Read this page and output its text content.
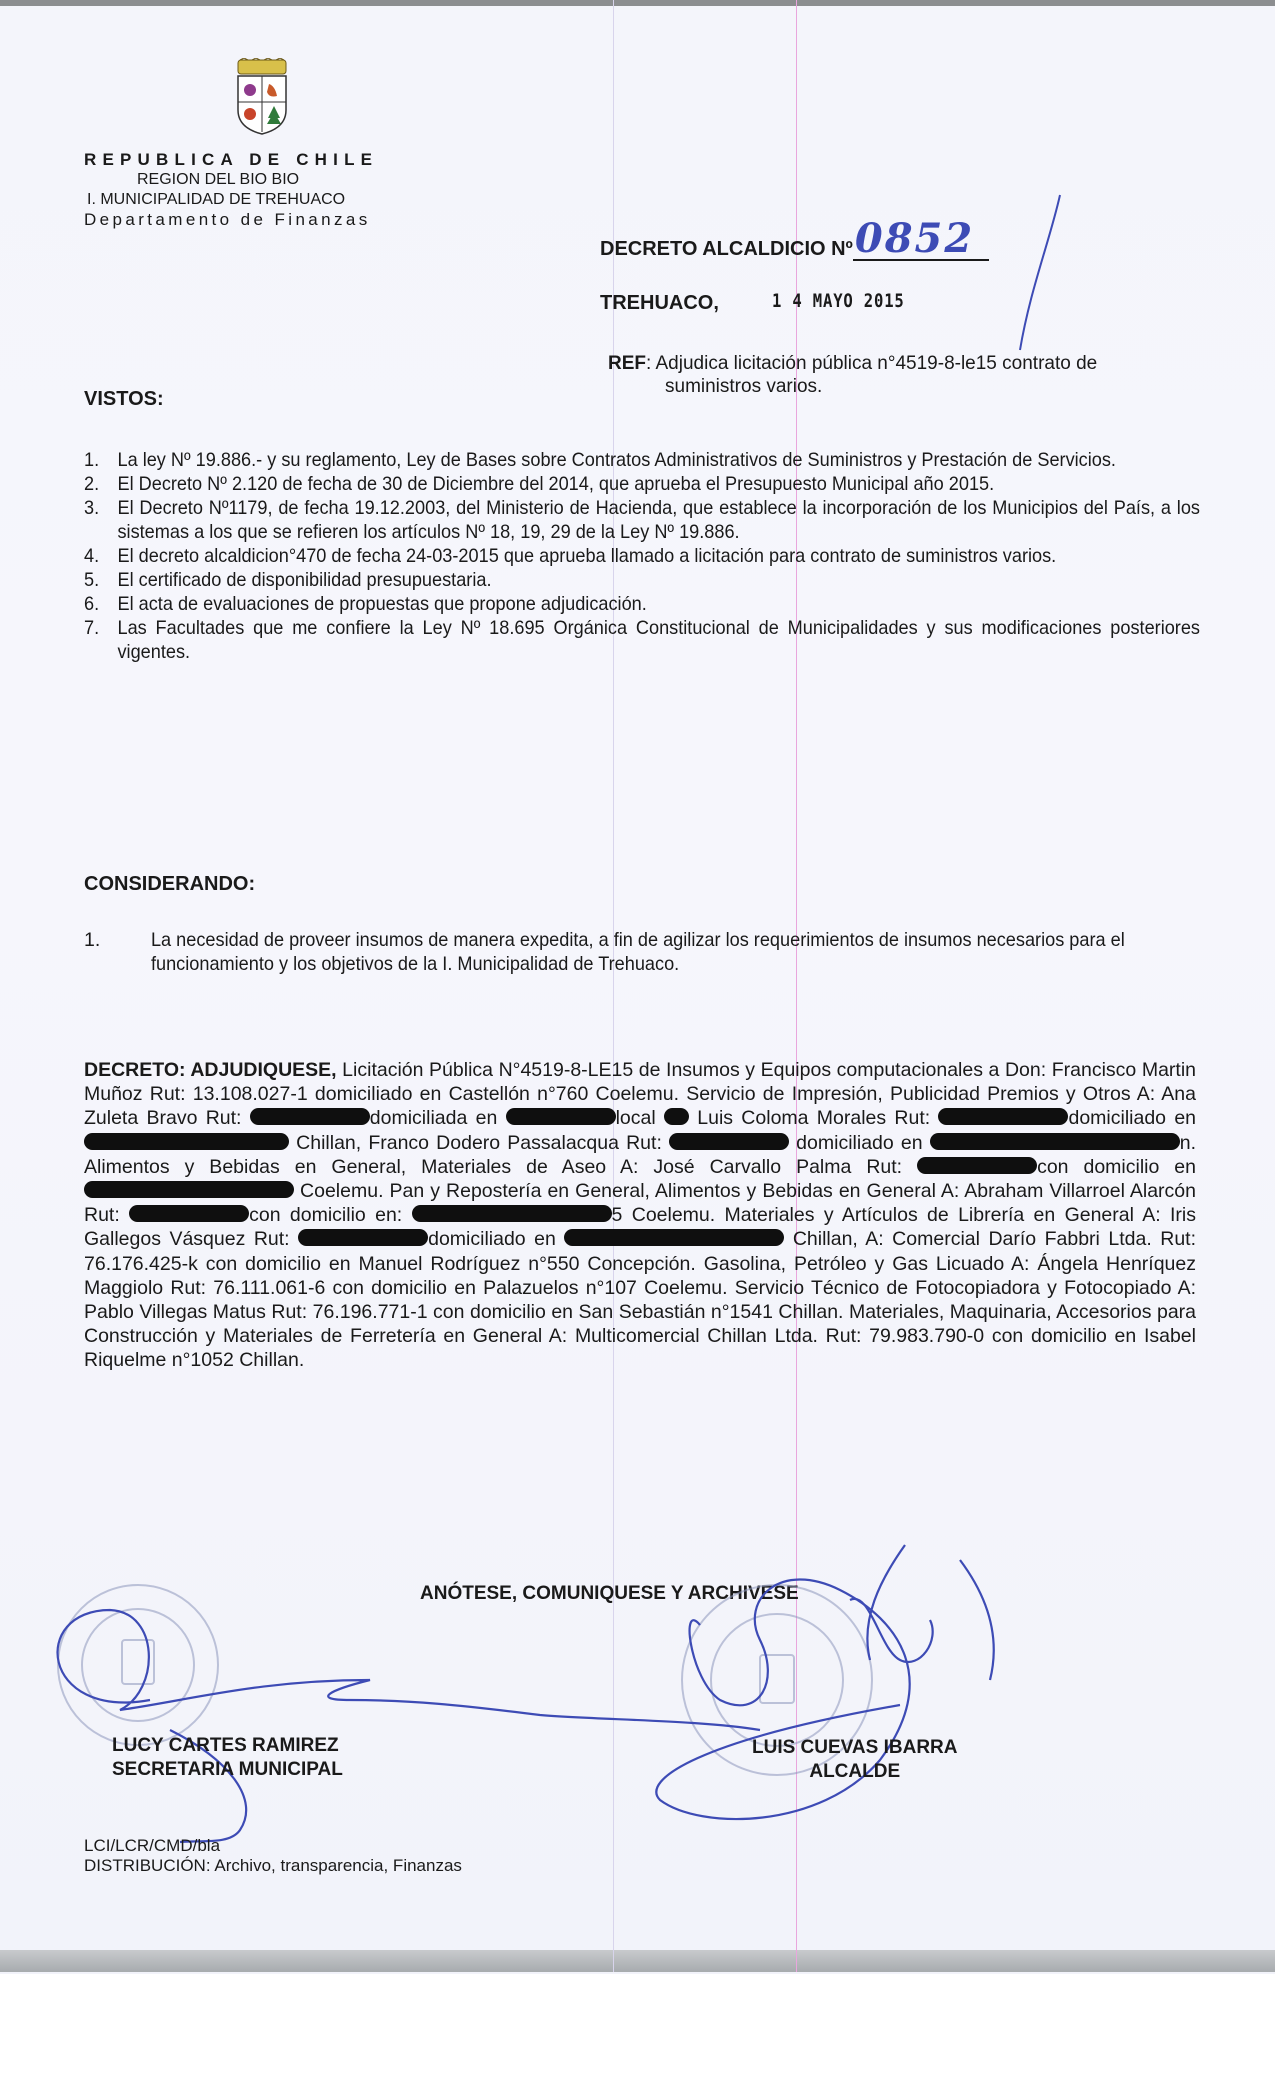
REPUBLICA DE CHILE
REGION DEL BIO BIO
I. MUNICIPALIDAD DE TREHUACO
Departamento de Finanzas
DECRETO ALCALDICIO Nº 0852
TREHUACO,	1 4 MAYO 2015
REF: Adjudica licitación pública n°4519-8-le15 contrato de
suministros varios.
VISTOS:
1. La ley Nº 19.886.- y su reglamento, Ley de Bases sobre Contratos Administrativos de Suministros y Prestación de Servicios.
2. El Decreto Nº 2.120 de fecha de 30 de Diciembre del 2014, que aprueba el Presupuesto Municipal año 2015.
3. El Decreto Nº1179, de fecha 19.12.2003, del Ministerio de Hacienda, que establece la incorporación de los Municipios del País, a los sistemas a los que se refieren los artículos Nº 18, 19, 29 de la Ley Nº 19.886.
4. El decreto alcaldicion°470 de fecha 24-03-2015 que aprueba llamado a licitación para contrato de suministros varios.
5. El certificado de disponibilidad presupuestaria.
6. El acta de evaluaciones de propuestas que propone adjudicación.
7. Las Facultades que me confiere la Ley Nº 18.695 Orgánica Constitucional de Municipalidades y sus modificaciones posteriores vigentes.
CONSIDERANDO:
1.	La necesidad de proveer insumos de manera expedita, a fin de agilizar los requerimientos de insumos necesarios para el funcionamiento y los objetivos de la I. Municipalidad de Trehuaco.
DECRETO: ADJUDIQUESE, Licitación Pública N°4519-8-LE15 de Insumos y Equipos computacionales a Don: Francisco Martin Muñoz Rut: 13.108.027-1 domiciliado en Castellón n°760 Coelemu. Servicio de Impresión, Publicidad Premios y Otros A: Ana Zuleta Bravo Rut:	domiciliada en	local  Luis Coloma Morales Rut:	domiciliado en  Chillan, Franco Dodero Passalacqua Rut:	domiciliado en	n. Alimentos y Bebidas en General, Materiales de Aseo A: José Carvallo Palma Rut:	con domicilio en  Coelemu. Pan y Repostería en General, Alimentos y Bebidas en General A: Abraham Villarroel Alarcón Rut:	con domicilio en:	5 Coelemu. Materiales y Artículos de Librería en General A: Iris Gallegos Vásquez Rut:	domiciliado en	Chillan, A: Comercial Darío Fabbri Ltda. Rut: 76.176.425-k con domicilio en Manuel Rodríguez n°550 Concepción. Gasolina, Petróleo y Gas Licuado A: Ángela Henríquez Maggiolo Rut: 76.111.061-6 con domicilio en Palazuelos n°107 Coelemu. Servicio Técnico de Fotocopiadora y Fotocopiado A: Pablo Villegas Matus Rut: 76.196.771-1 con domicilio en San Sebastián n°1541 Chillan. Materiales, Maquinaria, Accesorios para Construcción y Materiales de Ferretería en General A: Multicomercial Chillan Ltda. Rut: 79.983.790-0 con domicilio en Isabel Riquelme n°1052 Chillan.
ANÓTESE, COMUNIQUESE Y ARCHIVESE
LUCY CARTES RAMIREZ
SECRETARIA MUNICIPAL
LUIS CUEVAS IBARRA
ALCALDE
LCI/LCR/CMD/bla
DISTRIBUCIÓN: Archivo, transparencia, Finanzas
